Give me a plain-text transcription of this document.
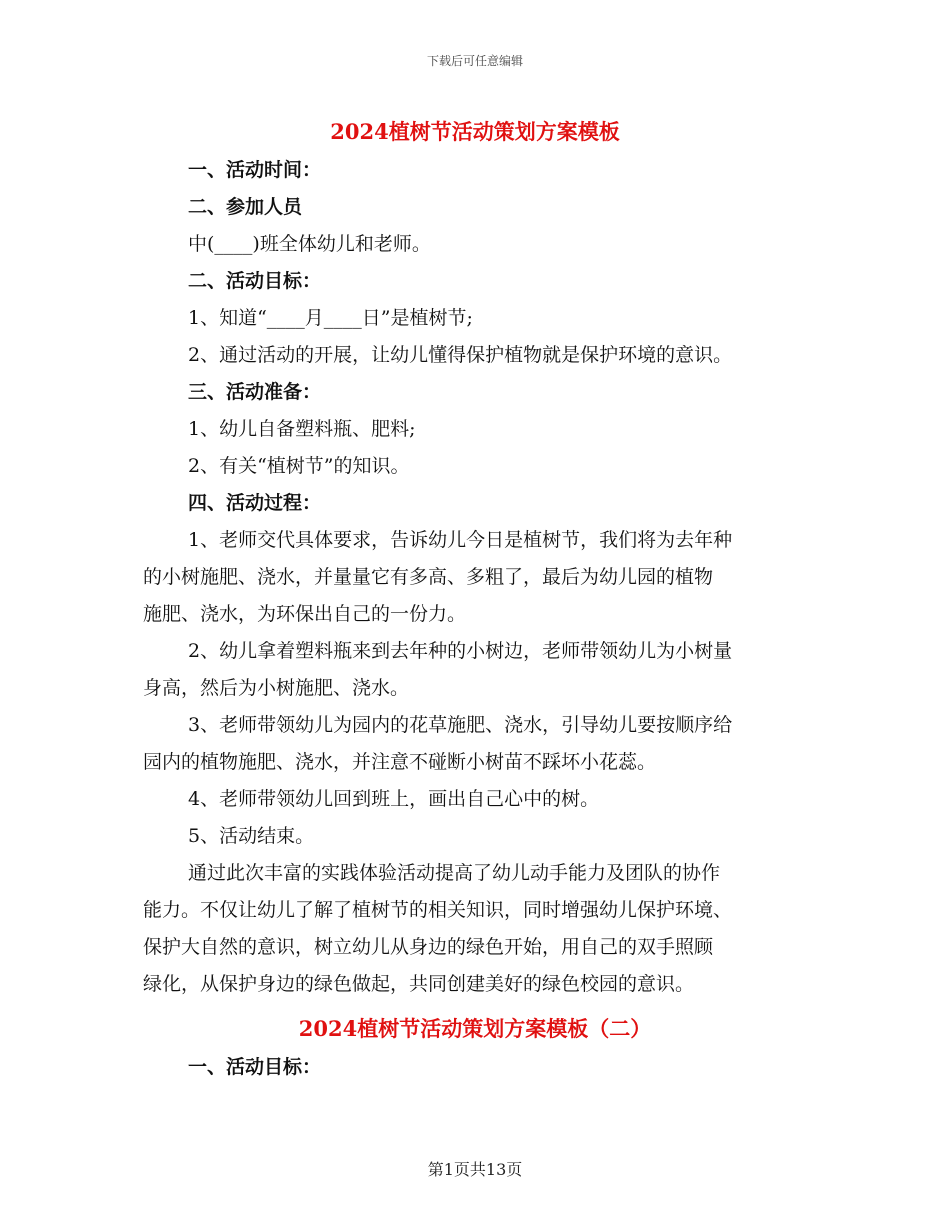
下载后可任意编辑
2024植树节活动策划方案模板
一、活动时间：
二、参加人员
中(____)班全体幼儿和老师。
二、活动目标：
1、知道“____月____日”是植树节;
2、通过活动的开展，让幼儿懂得保护植物就是保护环境的意识。
三、活动准备：
1、幼儿自备塑料瓶、肥料;
2、有关“植树节”的知识。
四、活动过程：
1、老师交代具体要求，告诉幼儿今日是植树节，我们将为去年种
的小树施肥、浇水，并量量它有多高、多粗了，最后为幼儿园的植物
施肥、浇水，为环保出自己的一份力。
2、幼儿拿着塑料瓶来到去年种的小树边，老师带领幼儿为小树量
身高，然后为小树施肥、浇水。
3、老师带领幼儿为园内的花草施肥、浇水，引导幼儿要按顺序给
园内的植物施肥、浇水，并注意不碰断小树苗不踩坏小花蕊。
4、老师带领幼儿回到班上，画出自己心中的树。
5、活动结束。
通过此次丰富的实践体验活动提高了幼儿动手能力及团队的协作
能力。不仅让幼儿了解了植树节的相关知识，同时增强幼儿保护环境、
保护大自然的意识，树立幼儿从身边的绿色开始，用自己的双手照顾
绿化，从保护身边的绿色做起，共同创建美好的绿色校园的意识。
2024植树节活动策划方案模板（二）
一、活动目标：
第1页共13页
